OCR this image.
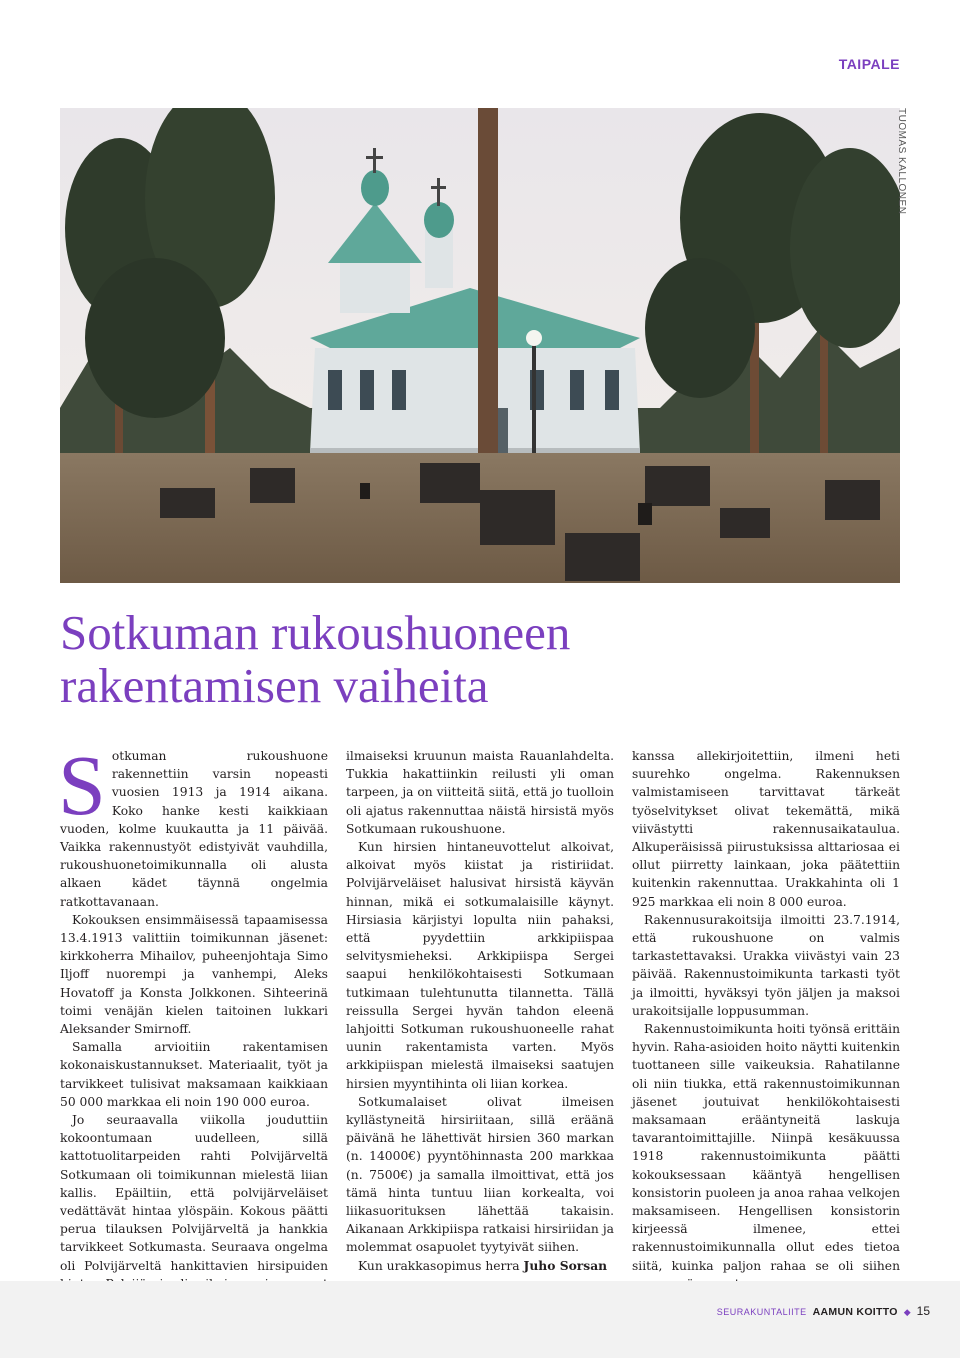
TAIPALE
TUOMAS KALLONEN
Sotkuman rukoushuoneen
rakentamisen vaiheita

Sotkuman rukoushuone rakennettiin varsin nopeasti vuosien 1913 ja 1914 aikana. Koko hanke kesti kaikkiaan vuoden, kolme kuukautta ja 11 päivää. Vaikka rakennustyöt edistyivät vauhdilla, rukoushuonetoimikunnalla oli alusta alkaen kädet täynnä ongelmia ratkottavanaan.

Kokouksen ensimmäisessä tapaamisessa 13.4.1913 valittiin toimikunnan jäsenet: kirkkoherra Mihailov, puheenjohtaja Simo Iljoff nuorempi ja vanhempi, Aleks Hovatoff ja Konsta Jolkkonen. Sihteerinä toimi venäjän kielen taitoinen lukkari Aleksander Smirnoff.

Samalla arvioitiin rakentamisen kokonaiskustannukset. Materiaalit, työt ja tarvikkeet tulisivat maksamaan kaikkiaan 50 000 markkaa eli noin 190 000 euroa.

Jo seuraavalla viikolla jouduttiin kokoontumaan uudelleen, sillä kattotuolitarpeiden rahti Polvijärveltä Sotkumaan oli toimikunnan mielestä liian kallis. Epäiltiin, että polvijärveläiset vedättävät hintaa ylöspäin. Kokous päätti perua tilauksen Polvijärveltä ja hankkia tarvikkeet Sotkumasta. Seuraava ongelma oli Polvijärveltä hankittavien hirsipuiden

ilmaiseksi kruunun maista Rauanlahdelta. Tukkia hakattiinkin reilusti yli oman tarpeen, ja on viitteitä siitä, että jo tuolloin oli ajatus rakennuttaa näistä hirsistä myös Sotkumaan rukoushuone.

Kun hirsien hintaneuvottelut alkoivat, alkoivat myös kiistat ja ristiriidat. Polvijärveläiset halusivat hirsistä käyvän hinnan, mikä ei sotkumalaisille käynyt. Hirsiasia kärjistyi lopulta niin pahaksi, että pyydettiin arkkipiispaa selvitysmieheksi. Arkkipiispa Sergei saapui henkilökohtaisesti Sotkumaan tutkimaan tulehtunutta tilannetta. Tällä reissulla Sergei hyvän tahdon eleenä lahjoitti Sotkuman rukoushuoneelle rahat uunin rakentamista varten. Myös arkkipiispan mielestä ilmaiseksi saatujen hirsien myyntihinta oli liian korkea.

Sotkumalaiset olivat ilmeisen kyllästyneitä hirsiriitaan, sillä eräänä päivänä he lähettivät hirsien 360 markan (n. 14000€) pyyntöhinnasta 200 markkaa (n. 7500€) ja samalla ilmoittivat, että jos tämä hinta tuntuu liian korkealta, voi liikasuorituksen lähettää takaisin. Aikanaan Arkkipiispa ratkaisi hirsiriidan ja molemmat osapuolet tyytyivät siihen.

Kun urakkasopimus herra Juho Sorsan

kanssa allekirjoitettiin, ilmeni heti suurehko ongelma. Rakennuksen valmistamiseen tarvittavat tärkeät työselvitykset olivat tekemättä, mikä viivästytti rakennusaikataulua. Alkuperäisissä piirustuksissa alttariosaa ei ollut piirretty lainkaan, joka päätettiin kuitenkin rakennuttaa. Urakkahinta oli 1 925 markkaa eli noin 8 000 euroa.

Rakennusurakoitsija ilmoitti 23.7.1914, että rukoushuone on valmis tarkastettavaksi. Urakka viivästyi vain 23 päivää. Rakennustoimikunta tarkasti työt ja ilmoitti, hyväksyi työn jäljen ja maksoi urakoitsijalle loppusumman.

Rakennustoimikunta hoiti työnsä erittäin hyvin. Raha-asioiden hoito näytti kuitenkin tuottaneen sille vaikeuksia. Rahatilanne oli niin tiukka, että rakennustoimikunnan jäsenet joutuivat henkilökohtaisesti maksamaan erääntyneitä laskuja tavarantoimittajille. Niinpä kesäkuussa 1918 rakennustoimikunta päätti kokouksessaan kääntyä hengellisen konsistorin puoleen ja anoa rahaa velkojen maksamiseen. Hengellisen konsistorin kirjeessä ilmenee, ettei rakennustoimikunnalla ollut edes tietoa siitä, kuinka paljon rahaa se oli siihen

SEURAKUNTALIITE AAMUN KOITTO ◆ 15
